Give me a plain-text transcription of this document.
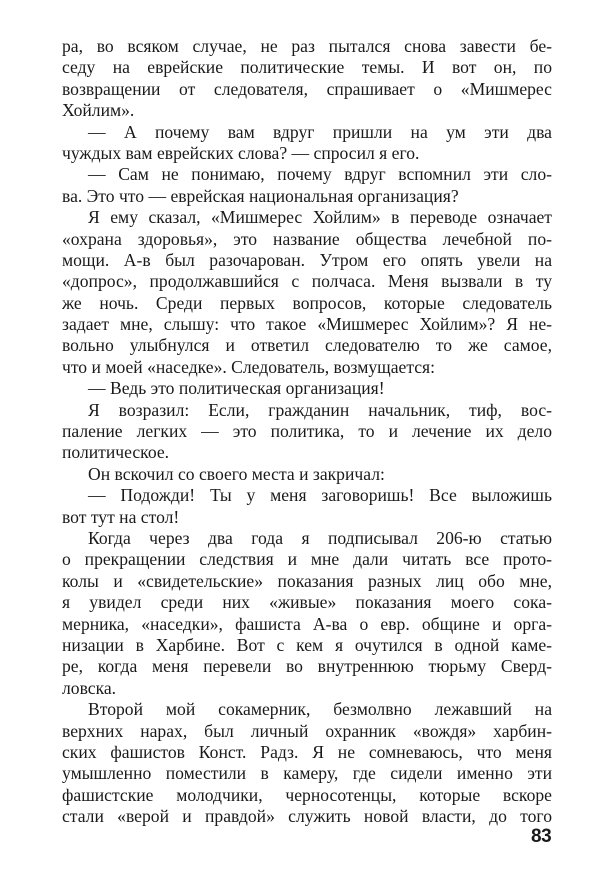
ра, во всяком случае, не раз пытался снова завести бе-
седу на еврейские политические темы. И вот он, по
возвращении от следователя, спрашивает о «Мишмерес
Хойлим».
— А почему вам вдруг пришли на ум эти два
чуждых вам еврейских слова? — спросил я его.
— Сам не понимаю, почему вдруг вспомнил эти сло-
ва. Это что — еврейская национальная организация?
Я ему сказал, «Мишмерес Хойлим» в переводе означает
«охрана здоровья», это название общества лечебной по-
мощи. А-в был разочарован. Утром его опять увели на
«допрос», продолжавшийся с полчаса. Меня вызвали в ту
же ночь. Среди первых вопросов, которые следователь
задает мне, слышу: что такое «Мишмерес Хойлим»? Я не-
вольно улыбнулся и ответил следователю то же самое,
что и моей «наседке». Следователь, возмущается:
— Ведь это политическая организация!
Я возразил: Если, гражданин начальник, тиф, вос-
паление легких — это политика, то и лечение их дело
политическое.
Он вскочил со своего места и закричал:
— Подожди! Ты у меня заговоришь! Все выложишь
вот тут на стол!
Когда через два года я подписывал 206-ю статью
о прекращении следствия и мне дали читать все прото-
колы и «свидетельские» показания разных лиц обо мне,
я увидел среди них «живые» показания моего сока-
мерника, «наседки», фашиста А-ва о евр. общине и орга-
низации в Харбине. Вот с кем я очутился в одной каме-
ре, когда меня перевели во внутреннюю тюрьму Сверд-
ловска.
Второй мой сокамерник, безмолвно лежавший на
верхних нарах, был личный охранник «вождя» харбин-
ских фашистов Конст. Радз. Я не сомневаюсь, что меня
умышленно поместили в камеру, где сидели именно эти
фашистские молодчики, черносотенцы, которые вскоре
стали «верой и правдой» служить новой власти, до того
83
